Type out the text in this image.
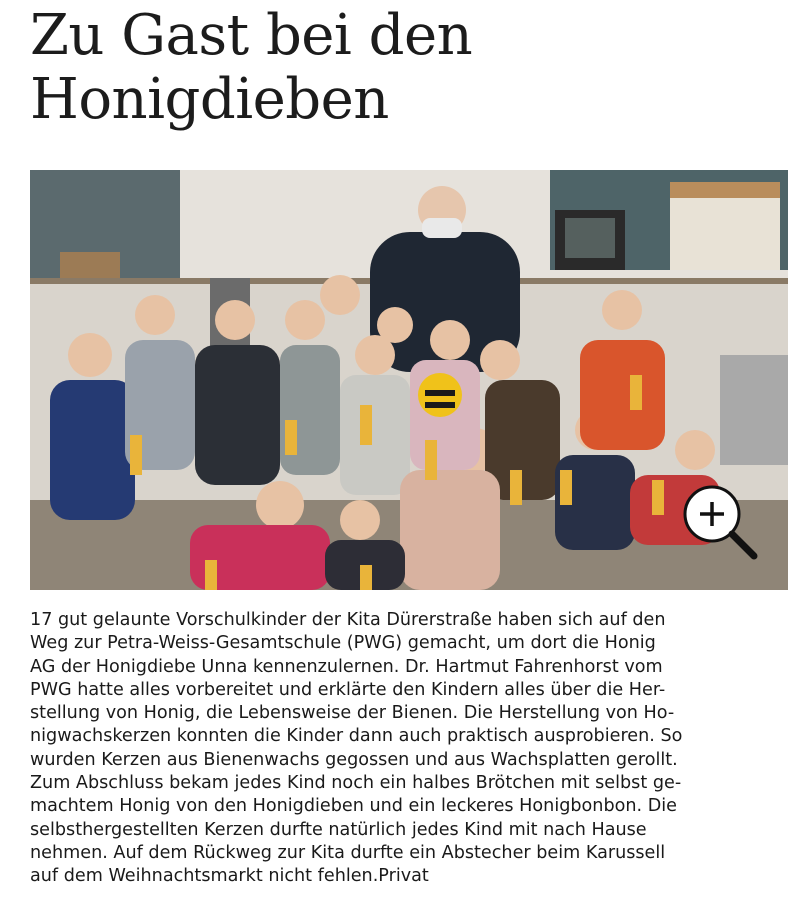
Zu Gast bei den
Honigdieben
17 gut gelaunte Vorschulkinder der Kita Dürerstraße haben sich auf den
Weg zur Petra-Weiss-Gesamtschule (PWG) gemacht, um dort die Honig
AG der Honigdiebe Unna kennenzulernen. Dr. Hartmut Fahrenhorst vom
PWG hatte alles vorbereitet und erklärte den Kindern alles über die Her-
stellung von Honig, die Lebensweise der Bienen. Die Herstellung von Ho-
nigwachskerzen konnten die Kinder dann auch praktisch ausprobieren. So
wurden Kerzen aus Bienenwachs gegossen und aus Wachsplatten gerollt.
Zum Abschluss bekam jedes Kind noch ein halbes Brötchen mit selbst ge-
machtem Honig von den Honigdieben und ein leckeres Honigbonbon. Die
selbsthergestellten Kerzen durfte natürlich jedes Kind mit nach Hause
nehmen. Auf dem Rückweg zur Kita durfte ein Abstecher beim Karussell
auf dem Weihnachtsmarkt nicht fehlen.Privat
